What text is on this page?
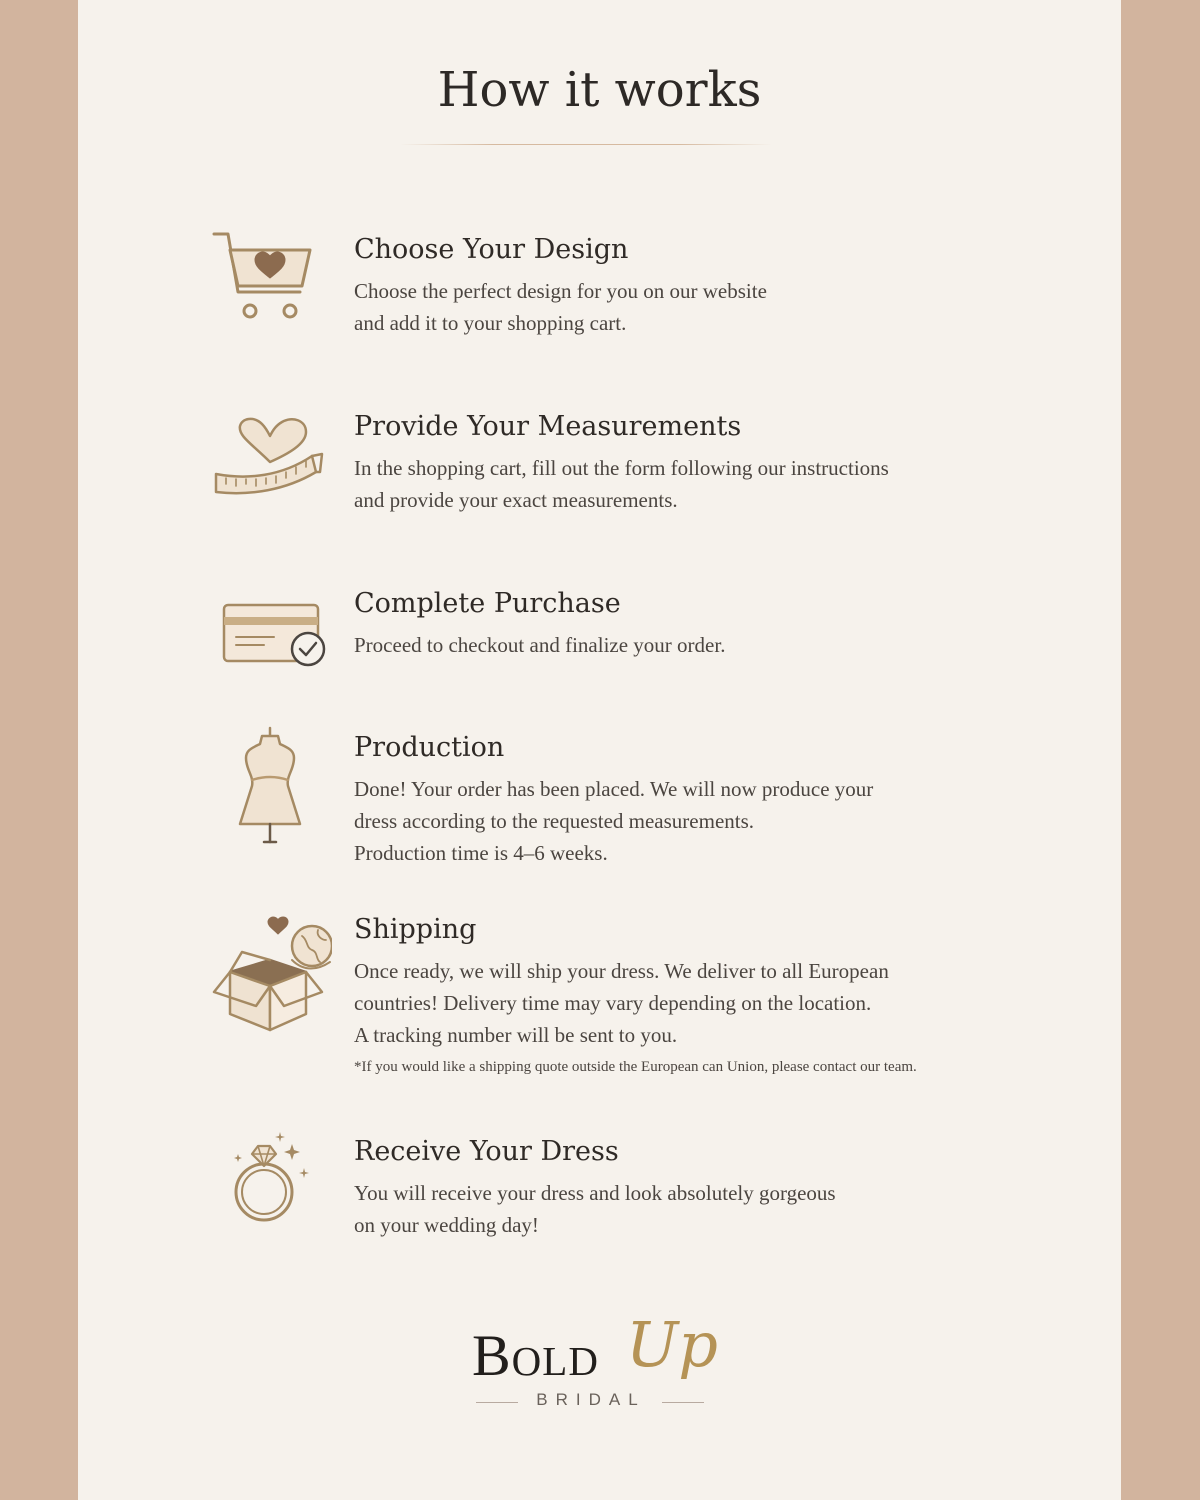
How it works
Choose Your Design

Choose the perfect design for you on our website
and add it to your shopping cart.

Provide Your Measurements

In the shopping cart, fill out the form following our instructions
and provide your exact measurements.

Complete Purchase

Proceed to checkout and finalize your order.

Production

Done! Your order has been placed. We will now produce your
dress according to the requested measurements.
Production time is 4–6 weeks.

Shipping

Once ready, we will ship your dress. We deliver to all European
countries! Delivery time may vary depending on the location.
A tracking number will be sent to you.

*If you would like a shipping quote outside the European can Union, please contact our team.

Receive Your Dress

You will receive your dress and look absolutely gorgeous
on your wedding day!

Bold Up
BRIDAL
